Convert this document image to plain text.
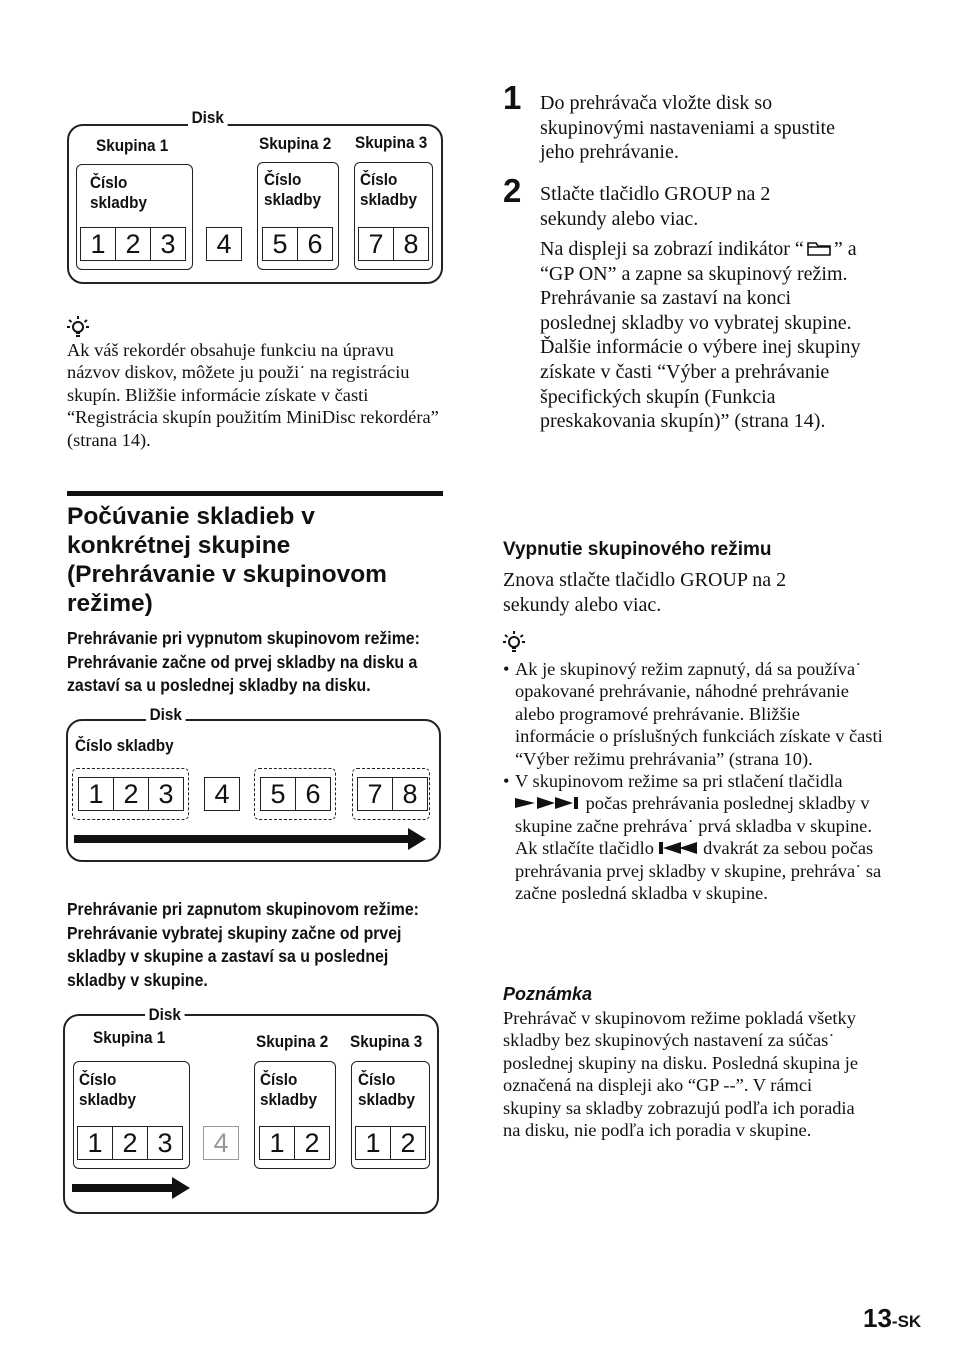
Disk
Skupina 1	Skupina 2 Skupina 3
Číslo skladby
1 2 3	4
Číslo skladby
5 6
Číslo skladby
7 8
Ak váš rekordér obsahuje funkciu na úpravu názvov diskov, môžete ju použi˙ na registráciu skupín. Bližšie informácie získate v časti “Registrácia skupín použitím MiniDisc rekordéra” (strana 14).
Počúvanie skladieb v konkrétnej skupine (Prehrávanie v skupinovom režime)
Prehrávanie pri vypnutom skupinovom režime: Prehrávanie začne od prvej skladby na disku a zastaví sa u poslednej skladby na disku.
Disk
Číslo skladby
1 2 3	4	5 6	7 8
Prehrávanie pri zapnutom skupinovom režime: Prehrávanie vybratej skupiny začne od prvej skladby v skupine a zastaví sa u poslednej skladby v skupine.
Disk
Skupina 1	Skupina 2 Skupina 3
Číslo skladby
1 2 3	4
Číslo skladby
1 2
Číslo skladby
1 2
1 Do prehrávača vložte disk so skupinovými nastaveniami a spustite jeho prehrávanie.
2 Stlačte tlačidlo GROUP na 2 sekundy alebo viac.
Na displeji sa zobrazí indikátor “ ” a “GP ON” a zapne sa skupinový režim.
Prehrávanie sa zastaví na konci poslednej skladby vo vybratej skupine.
Ďalšie informácie o výbere inej skupiny získate v časti “Výber a prehrávanie špecifických skupín (Funkcia preskakovania skupín)” (strana 14).
Vypnutie skupinového režimu
Znova stlačte tlačidlo GROUP na 2 sekundy alebo viac.
• Ak je skupinový režim zapnutý, dá sa používa˙ opakované prehrávanie, náhodné prehrávanie alebo programové prehrávanie. Bližšie informácie o príslušných funkciách získate v časti “Výber režimu prehrávania” (strana 10).
• V skupinovom režime sa pri stlačení tlačidla  počas prehrávania poslednej skladby v skupine začne prehráva˙ prvá skladba v skupine. Ak stlačíte tlačidlo	dvakrát za sebou počas prehrávania prvej skladby v skupine, prehráva˙ sa začne posledná skladba v skupine.
Poznámka
Prehrávač v skupinovom režime pokladá všetky skladby bez skupinových nastavení za súčas˙ poslednej skupiny na disku. Posledná skupina je označená na displeji ako “GP --”. V rámci skupiny sa skladby zobrazujú podľa ich poradia na disku, nie podľa ich poradia v skupine.
13-SK
